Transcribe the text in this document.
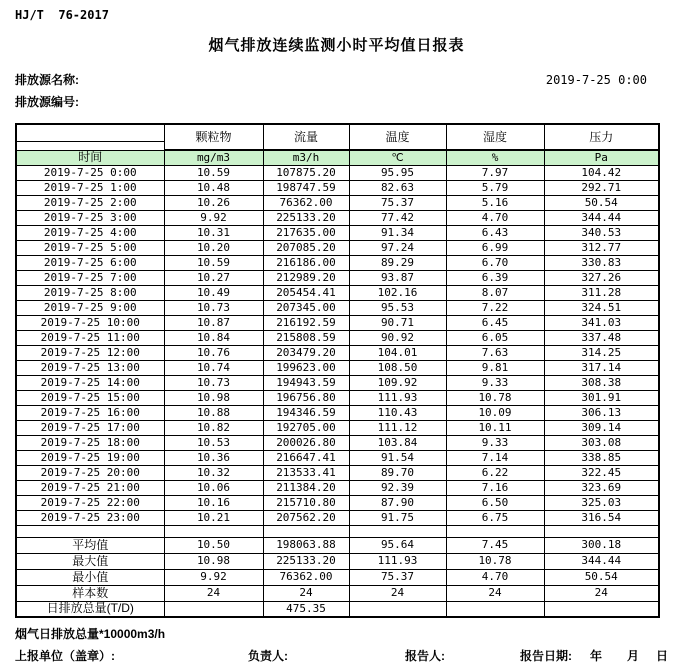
HJ/T  76-2017
烟气排放连续监测小时平均值日报表
排放源名称:	2019-7-25 0:00
排放源编号:
	颗粒物	流量	温度	湿度	压力

时间	mg/m3	m3/h	℃	%	Pa
2019-7-25 0:00	10.59	107875.20	95.95	7.97	104.42
2019-7-25 1:00	10.48	198747.59	82.63	5.79	292.71
2019-7-25 2:00	10.26	76362.00	75.37	5.16	50.54
2019-7-25 3:00	9.92	225133.20	77.42	4.70	344.44
2019-7-25 4:00	10.31	217635.00	91.34	6.43	340.53
2019-7-25 5:00	10.20	207085.20	97.24	6.99	312.77
2019-7-25 6:00	10.59	216186.00	89.29	6.70	330.83
2019-7-25 7:00	10.27	212989.20	93.87	6.39	327.26
2019-7-25 8:00	10.49	205454.41	102.16	8.07	311.28
2019-7-25 9:00	10.73	207345.00	95.53	7.22	324.51
2019-7-25 10:00	10.87	216192.59	90.71	6.45	341.03
2019-7-25 11:00	10.84	215808.59	90.92	6.05	337.48
2019-7-25 12:00	10.76	203479.20	104.01	7.63	314.25
2019-7-25 13:00	10.74	199623.00	108.50	9.81	317.14
2019-7-25 14:00	10.73	194943.59	109.92	9.33	308.38
2019-7-25 15:00	10.98	196756.80	111.93	10.78	301.91
2019-7-25 16:00	10.88	194346.59	110.43	10.09	306.13
2019-7-25 17:00	10.82	192705.00	111.12	10.11	309.14
2019-7-25 18:00	10.53	200026.80	103.84	9.33	303.08
2019-7-25 19:00	10.36	216647.41	91.54	7.14	338.85
2019-7-25 20:00	10.32	213533.41	89.70	6.22	322.45
2019-7-25 21:00	10.06	211384.20	92.39	7.16	323.69
2019-7-25 22:00	10.16	215710.80	87.90	6.50	325.03
2019-7-25 23:00	10.21	207562.20	91.75	6.75	316.54

平均值	10.50	198063.88	95.64	7.45	300.18
最大值	10.98	225133.20	111.93	10.78	344.44
最小值	9.92	76362.00	75.37	4.70	50.54
样本数	24	24	24	24	24
日排放总量(T/D)		475.35			
烟气日排放总量*10000m3/h
上报单位（盖章）:	负责人:	报告人:	报告日期: 年 月 日
